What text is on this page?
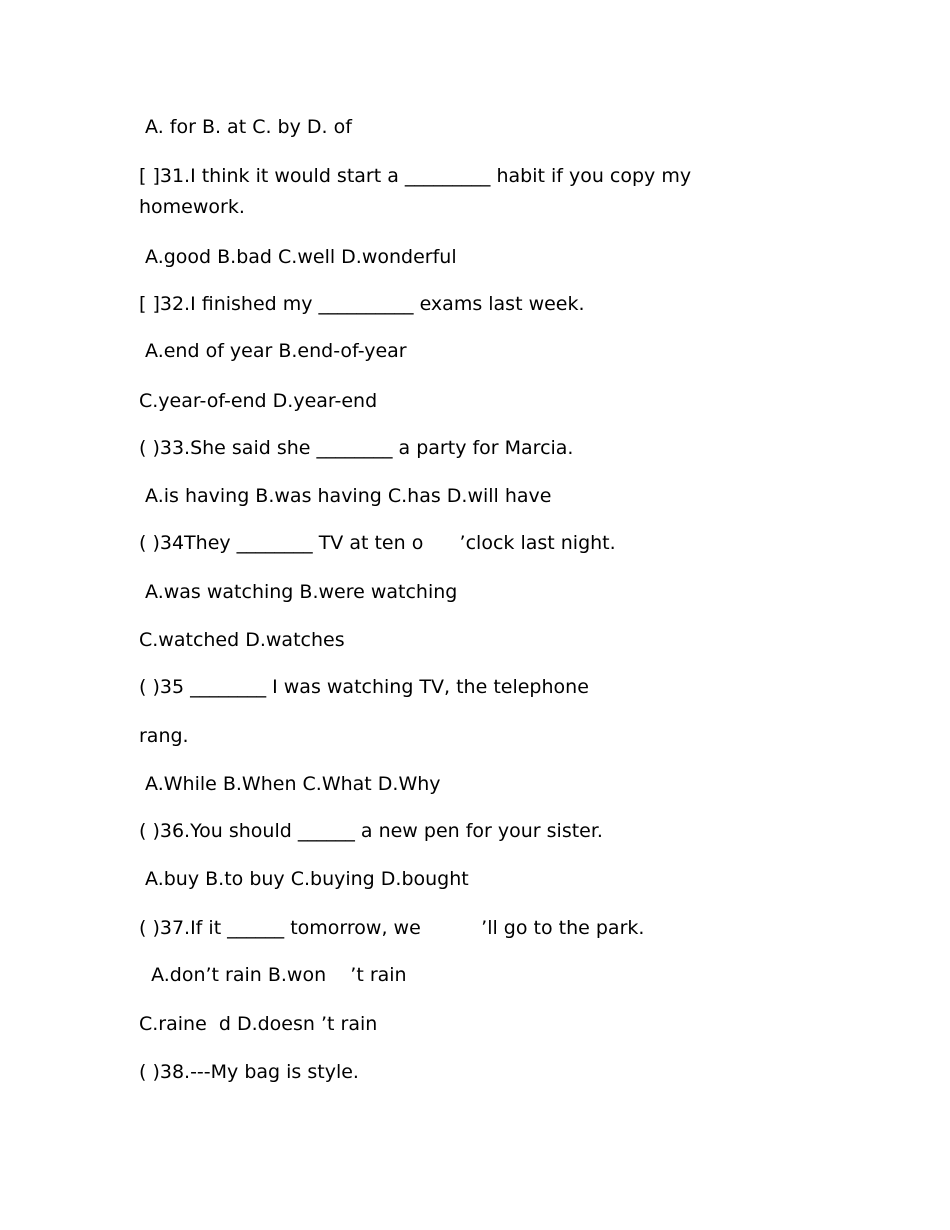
A. for B. at C. by D. of

[ ]31.I think it would start a _________ habit if you copy my homework.

A.good B.bad C.well D.wonderful

[ ]32.I finished my __________ exams last week.

A.end of year B.end-of-year

C.year-of-end D.year-end

( )33.She said she ________ a party for Marcia.

A.is having B.was having C.has D.will have

( )34They ________ TV at ten o      ’clock last night.

A.was watching B.were watching

C.watched D.watches

( )35 ________ I was watching TV, the telephone

rang.

A.While B.When C.What D.Why

( )36.You should ______ a new pen for your sister.

A.buy B.to buy C.buying D.bought

( )37.If it ______ tomorrow, we          ’ll go to the park.

A.don’t rain B.won    ’t rain

C.raine  d D.doesn ’t rain

( )38.---My bag is style.
